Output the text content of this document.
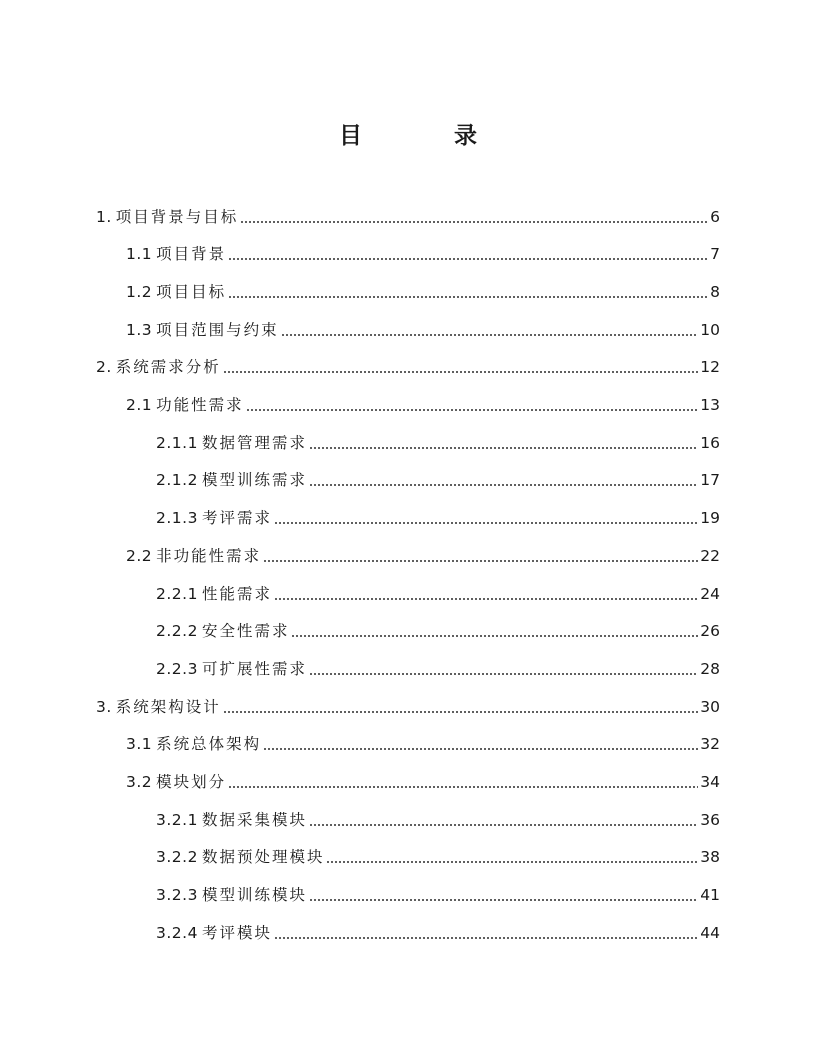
目 录
1. 项目背景与目标	6
1.1 项目背景	7
1.2 项目目标	8
1.3 项目范围与约束	10
2. 系统需求分析	12
2.1 功能性需求	13
2.1.1 数据管理需求	16
2.1.2 模型训练需求	17
2.1.3 考评需求	19
2.2 非功能性需求	22
2.2.1 性能需求	24
2.2.2 安全性需求	26
2.2.3 可扩展性需求	28
3. 系统架构设计	30
3.1 系统总体架构	32
3.2 模块划分	34
3.2.1 数据采集模块	36
3.2.2 数据预处理模块	38
3.2.3 模型训练模块	41
3.2.4 考评模块	44
